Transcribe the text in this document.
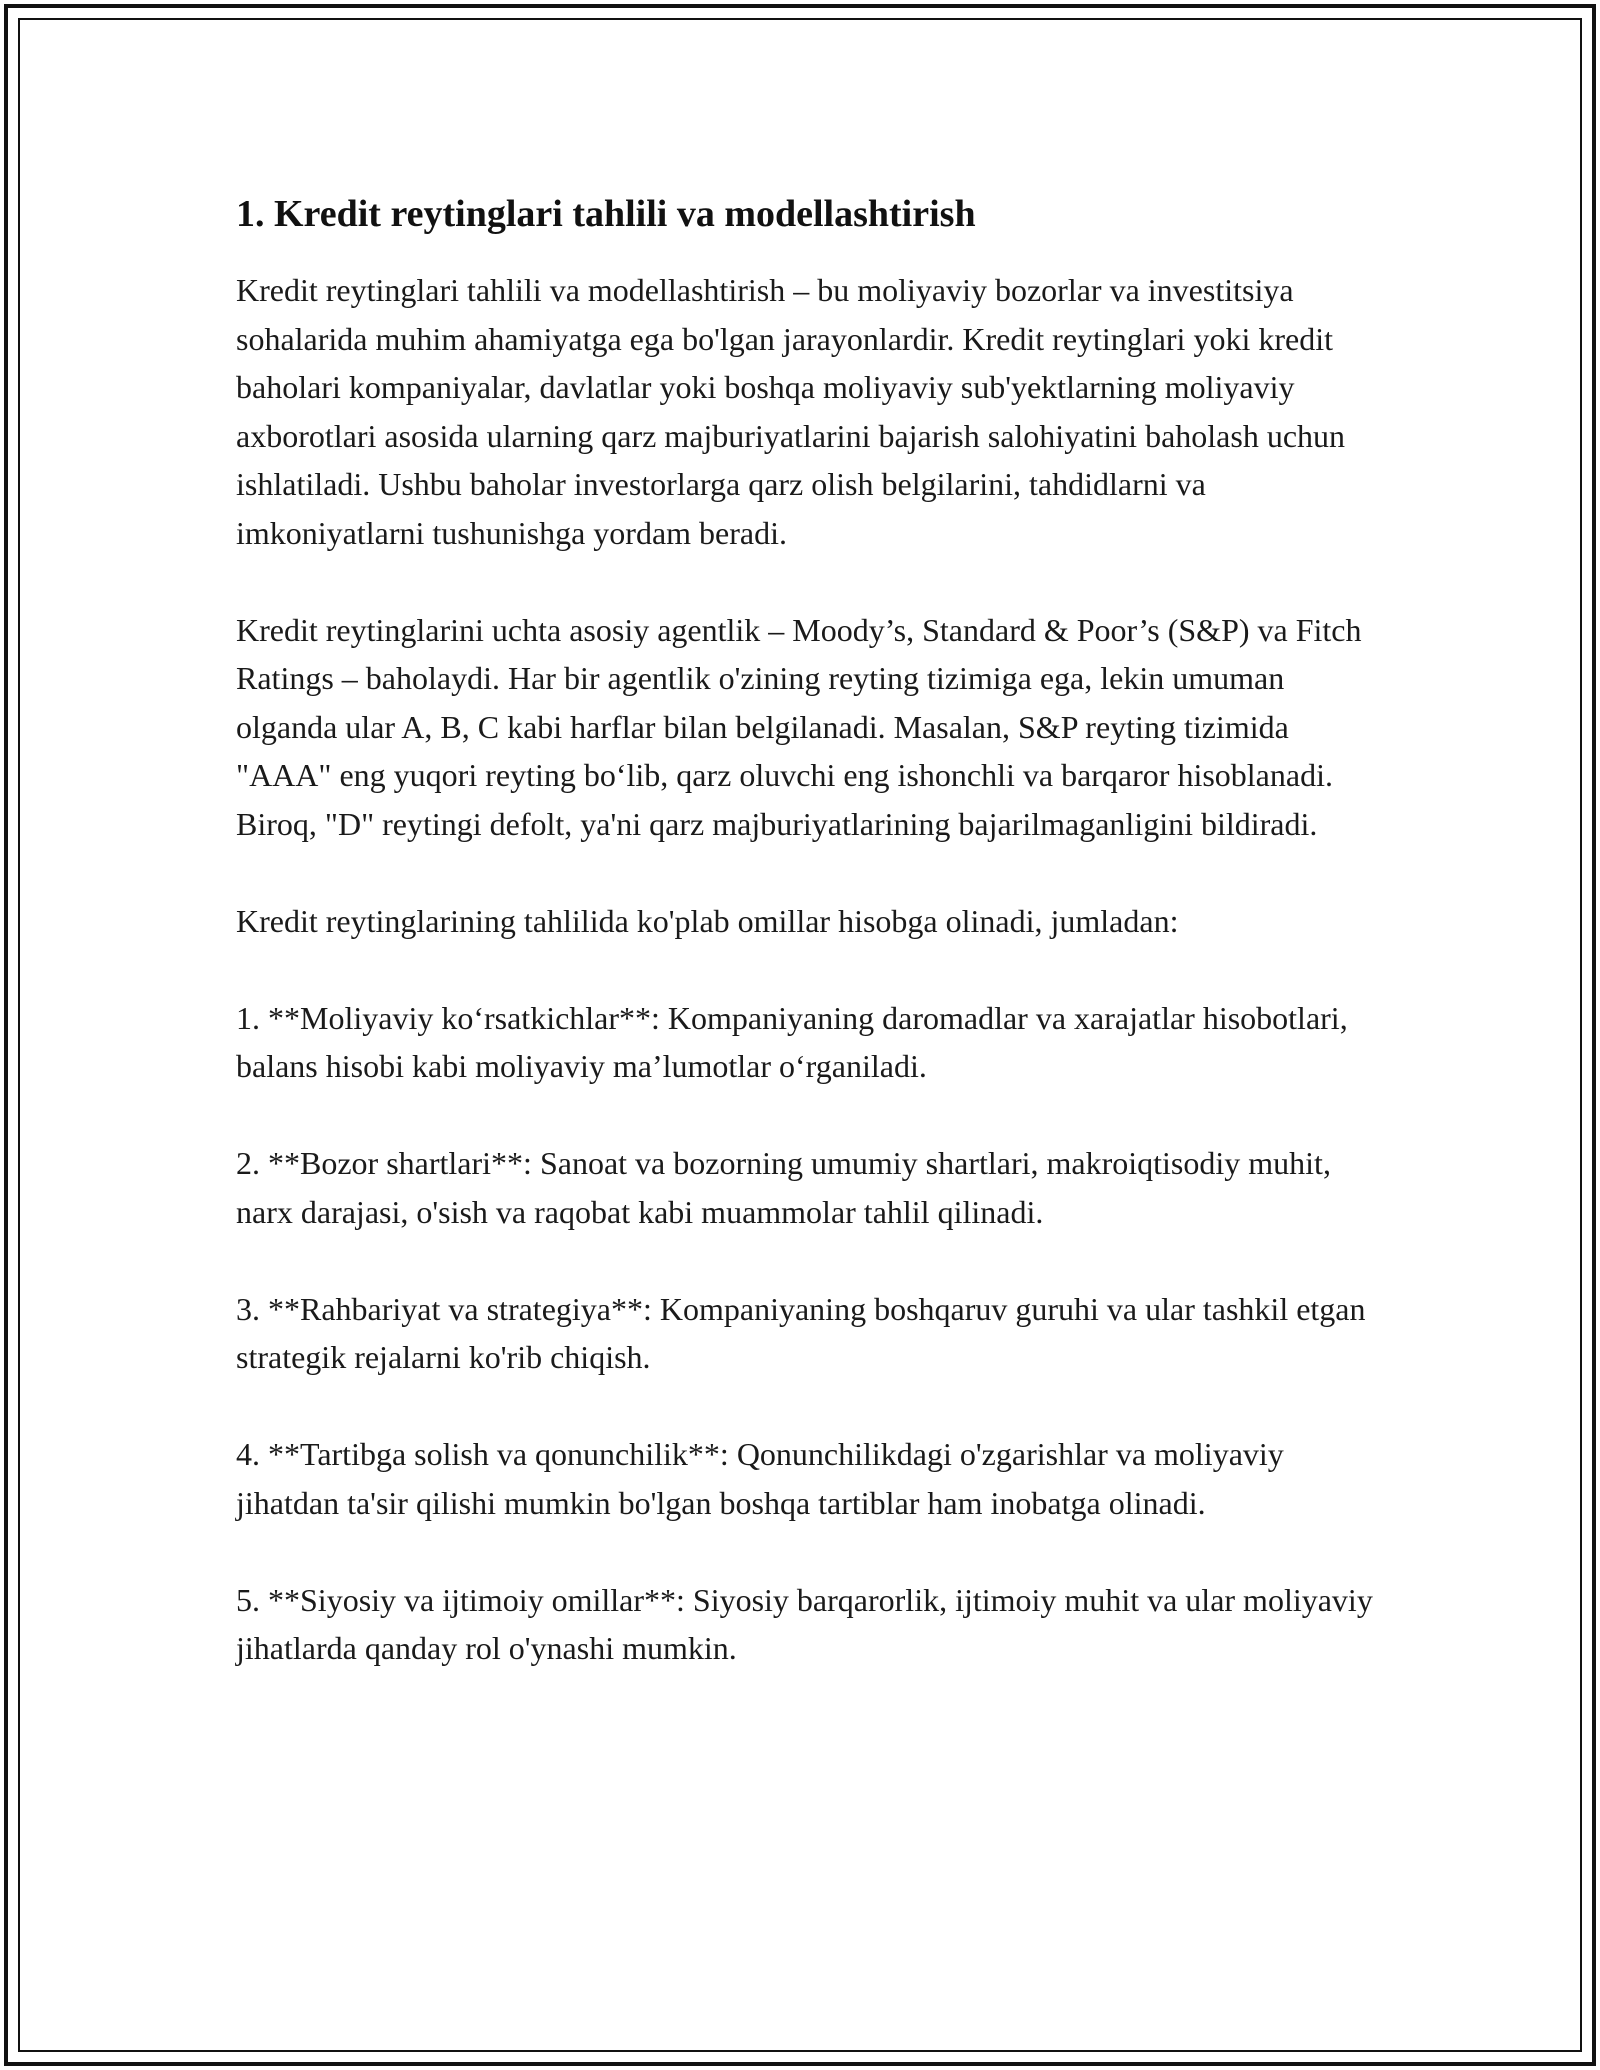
1. Kredit reytinglari tahlili va modellashtirish

Kredit reytinglari tahlili va modellashtirish – bu moliyaviy bozorlar va investitsiya sohalarida muhim ahamiyatga ega bo'lgan jarayonlardir. Kredit reytinglari yoki kredit baholari kompaniyalar, davlatlar yoki boshqa moliyaviy sub'yektlarning moliyaviy axborotlari asosida ularning qarz majburiyatlarini bajarish salohiyatini baholash uchun ishlatiladi. Ushbu baholar investorlarga qarz olish belgilarini, tahdidlarni va imkoniyatlarni tushunishga yordam beradi.

Kredit reytinglarini uchta asosiy agentlik – Moody’s, Standard & Poor’s (S&P) va Fitch Ratings – baholaydi. Har bir agentlik o'zining reyting tizimiga ega, lekin umuman olganda ular A, B, C kabi harflar bilan belgilanadi. Masalan, S&P reyting tizimida "AAA" eng yuqori reyting bo‘lib, qarz oluvchi eng ishonchli va barqaror hisoblanadi. Biroq, "D" reytingi defolt, ya'ni qarz majburiyatlarining bajarilmaganligini bildiradi.

Kredit reytinglarining tahlilida ko'plab omillar hisobga olinadi, jumladan:

1. **Moliyaviy ko‘rsatkichlar**: Kompaniyaning daromadlar va xarajatlar hisobotlari, balans hisobi kabi moliyaviy ma’lumotlar o‘rganiladi.

2. **Bozor shartlari**: Sanoat va bozorning umumiy shartlari, makroiqtisodiy muhit, narx darajasi, o'sish va raqobat kabi muammolar tahlil qilinadi.

3. **Rahbariyat va strategiya**: Kompaniyaning boshqaruv guruhi va ular tashkil etgan strategik rejalarni ko'rib chiqish.

4. **Tartibga solish va qonunchilik**: Qonunchilikdagi o'zgarishlar va moliyaviy jihatdan ta'sir qilishi mumkin bo'lgan boshqa tartiblar ham inobatga olinadi.

5. **Siyosiy va ijtimoiy omillar**: Siyosiy barqarorlik, ijtimoiy muhit va ular moliyaviy jihatlarda qanday rol o'ynashi mumkin.
